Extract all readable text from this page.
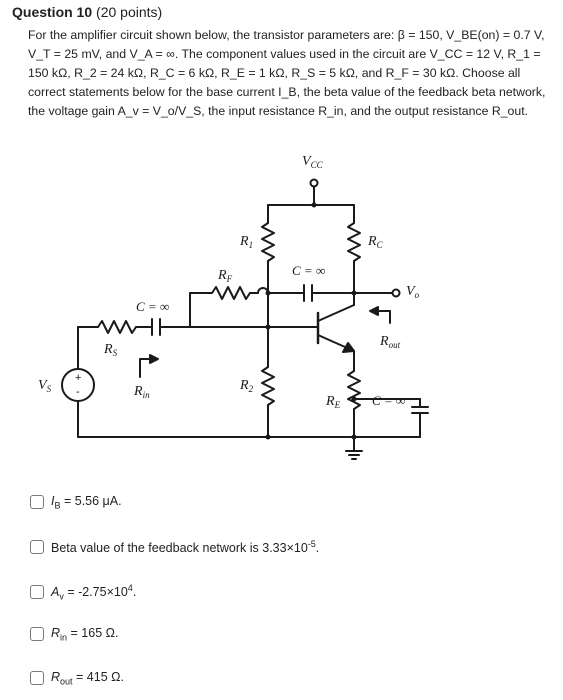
Question 10 (20 points)
For the amplifier circuit shown below, the transistor parameters are: β = 150, V_BE(on) = 0.7 V, V_T = 25 mV, and V_A = ∞. The component values used in the circuit are V_CC = 12 V, R_1 = 150 kΩ, R_2 = 24 kΩ, R_C = 6 kΩ, R_E = 1 kΩ, R_S = 5 kΩ, and R_F = 30 kΩ. Choose all correct statements below for the base current I_B, the beta value of the feedback beta network, the voltage gain A_v = V_o/V_S, the input resistance R_in, and the output resistance R_out.
$V_{CC}$
$R_1$	$R_C$
$R_F$
C = ∞
$V_o$
$R_{out}$
C = ∞
$R_S$
$V_S$	$R_{in}$
$R_2$
$R_E$ C = ∞
+
-
$I_B = 5.56$ μA.
Beta value of the feedback network is $3.33\times 10^{-5}$.
$A_v = -2.75\times 10^4$.
$R_{in} = 165$ Ω.
$R_{out} = 415$ Ω.
